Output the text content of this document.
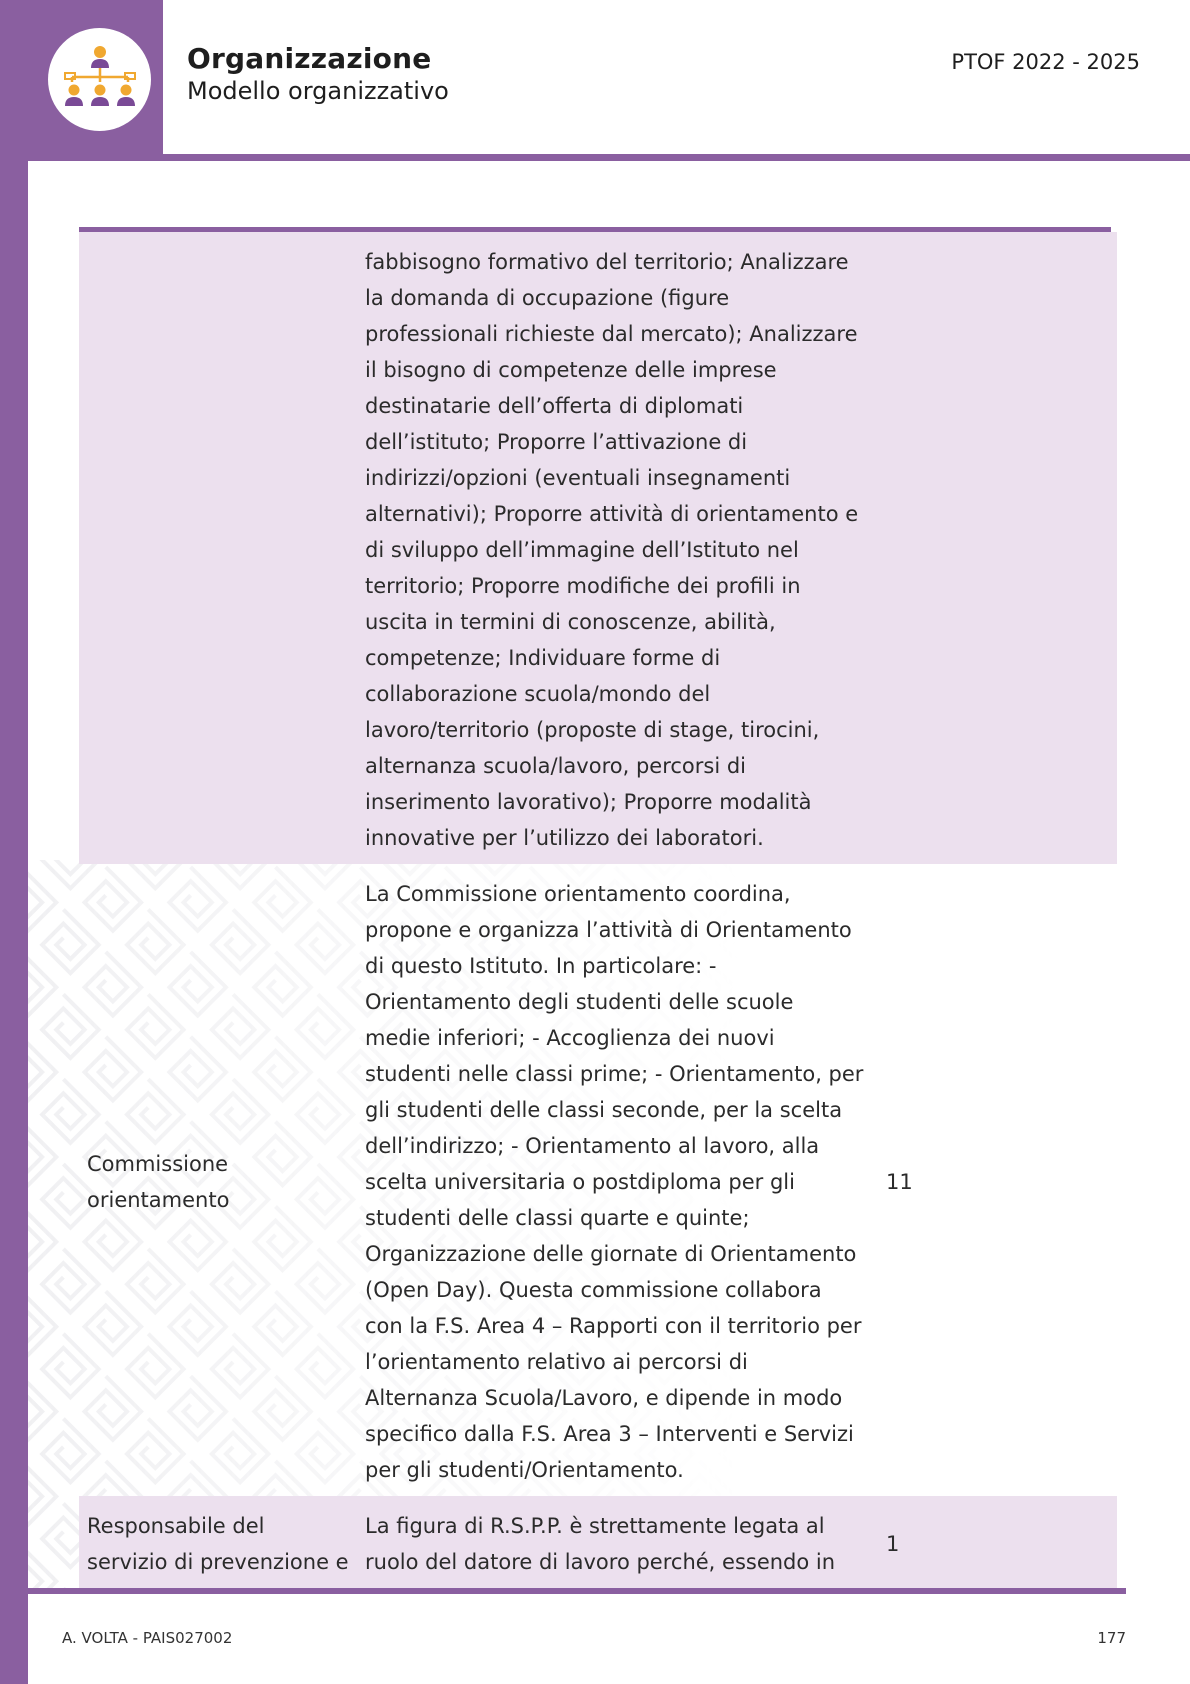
Organizzazione
Modello organizzativo
PTOF 2022 - 2025
	fabbisogno formativo del territorio; Analizzare la domanda di occupazione (figure professionali richieste dal mercato); Analizzare il bisogno di competenze delle imprese destinatarie dell’offerta di diplomati dell’istituto; Proporre l’attivazione di indirizzi/opzioni (eventuali insegnamenti alternativi); Proporre attività di orientamento e di sviluppo dell’immagine dell’Istituto nel territorio; Proporre modifiche dei profili in uscita in termini di conoscenze, abilità, competenze; Individuare forme di collaborazione scuola/mondo del lavoro/territorio (proposte di stage, tirocini, alternanza scuola/lavoro, percorsi di inserimento lavorativo); Proporre modalità innovative per l’utilizzo dei laboratori.	
Commissione orientamento	La Commissione orientamento coordina, propone e organizza l’attività di Orientamento di questo Istituto. In particolare: - Orientamento degli studenti delle scuole medie inferiori; - Accoglienza dei nuovi studenti nelle classi prime; - Orientamento, per gli studenti delle classi seconde, per la scelta dell’indirizzo; - Orientamento al lavoro, alla scelta universitaria o postdiploma per gli studenti delle classi quarte e quinte; Organizzazione delle giornate di Orientamento (Open Day). Questa commissione collabora con la F.S. Area 4 – Rapporti con il territorio per l’orientamento relativo ai percorsi di Alternanza Scuola/Lavoro, e dipende in modo specifico dalla F.S. Area 3 – Interventi e Servizi per gli studenti/Orientamento.	11
Responsabile del servizio di prevenzione e	La figura di R.S.P.P. è strettamente legata al ruolo del datore di lavoro perché, essendo in	1
A. VOLTA - PAIS027002	177
